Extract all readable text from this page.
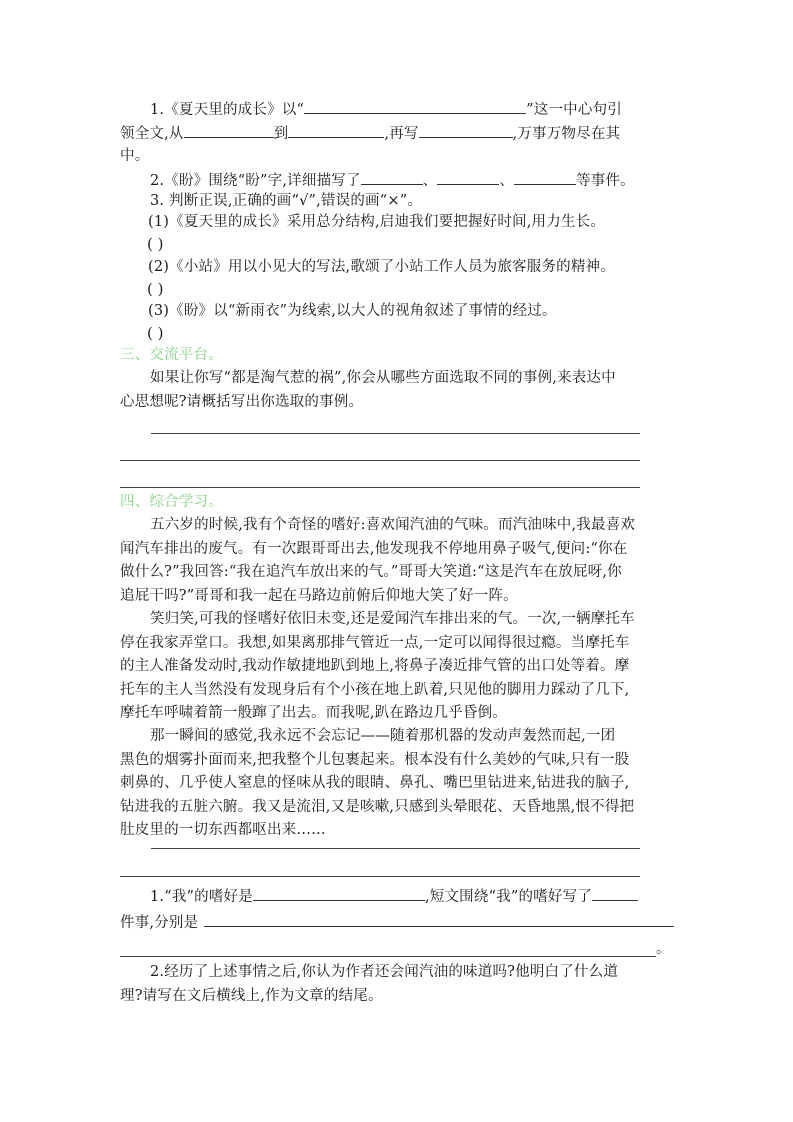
1.《夏天里的成长》以“	”这一中心句引
领全文,从	到	,再写	,万事万物尽在其
中。
2.《盼》围绕“盼”字,详细描写了	、	、	等事件。
3. 判断正误,正确的画“√”,错误的画“×”。
(1)《夏天里的成长》采用总分结构,启迪我们要把握好时间,用力生长。
( )
(2)《小站》用以小见大的写法,歌颂了小站工作人员为旅客服务的精神。
( )
(3)《盼》以“新雨衣”为线索,以大人的视角叙述了事情的经过。
( )
三、交流平台。
如果让你写“都是淘气惹的祸”,你会从哪些方面选取不同的事例,来表达中
心思想呢?请概括写出你选取的事例。
四、综合学习。
五六岁的时候,我有个奇怪的嗜好:喜欢闻汽油的气味。而汽油味中,我最喜欢
闻汽车排出的废气。有一次跟哥哥出去,他发现我不停地用鼻子吸气,便问:“你在
做什么?”我回答:“我在追汽车放出来的气。”哥哥大笑道:“这是汽车在放屁呀,你
追屁干吗?”哥哥和我一起在马路边前俯后仰地大笑了好一阵。
笑归笑,可我的怪嗜好依旧未变,还是爱闻汽车排出来的气。一次,一辆摩托车
停在我家弄堂口。我想,如果离那排气管近一点,一定可以闻得很过瘾。当摩托车
的主人准备发动时,我动作敏捷地趴到地上,将鼻子凑近排气管的出口处等着。摩
托车的主人当然没有发现身后有个小孩在地上趴着,只见他的脚用力踩动了几下,
摩托车呼啸着箭一般蹿了出去。而我呢,趴在路边几乎昏倒。
那一瞬间的感觉,我永远不会忘记——随着那机器的发动声轰然而起,一团
黑色的烟雾扑面而来,把我整个儿包裹起来。根本没有什么美妙的气味,只有一股
刺鼻的、几乎使人窒息的怪味从我的眼睛、鼻孔、嘴巴里钻进来,钻进我的脑子,
钻进我的五脏六腑。我又是流泪,又是咳嗽,只感到头晕眼花、天昏地黑,恨不得把
肚皮里的一切东西都呕出来……
1.“我”的嗜好是	,短文围绕“我”的嗜好写了
件事,分别是
。
2.经历了上述事情之后,你认为作者还会闻汽油的味道吗?他明白了什么道
理?请写在文后横线上,作为文章的结尾。
